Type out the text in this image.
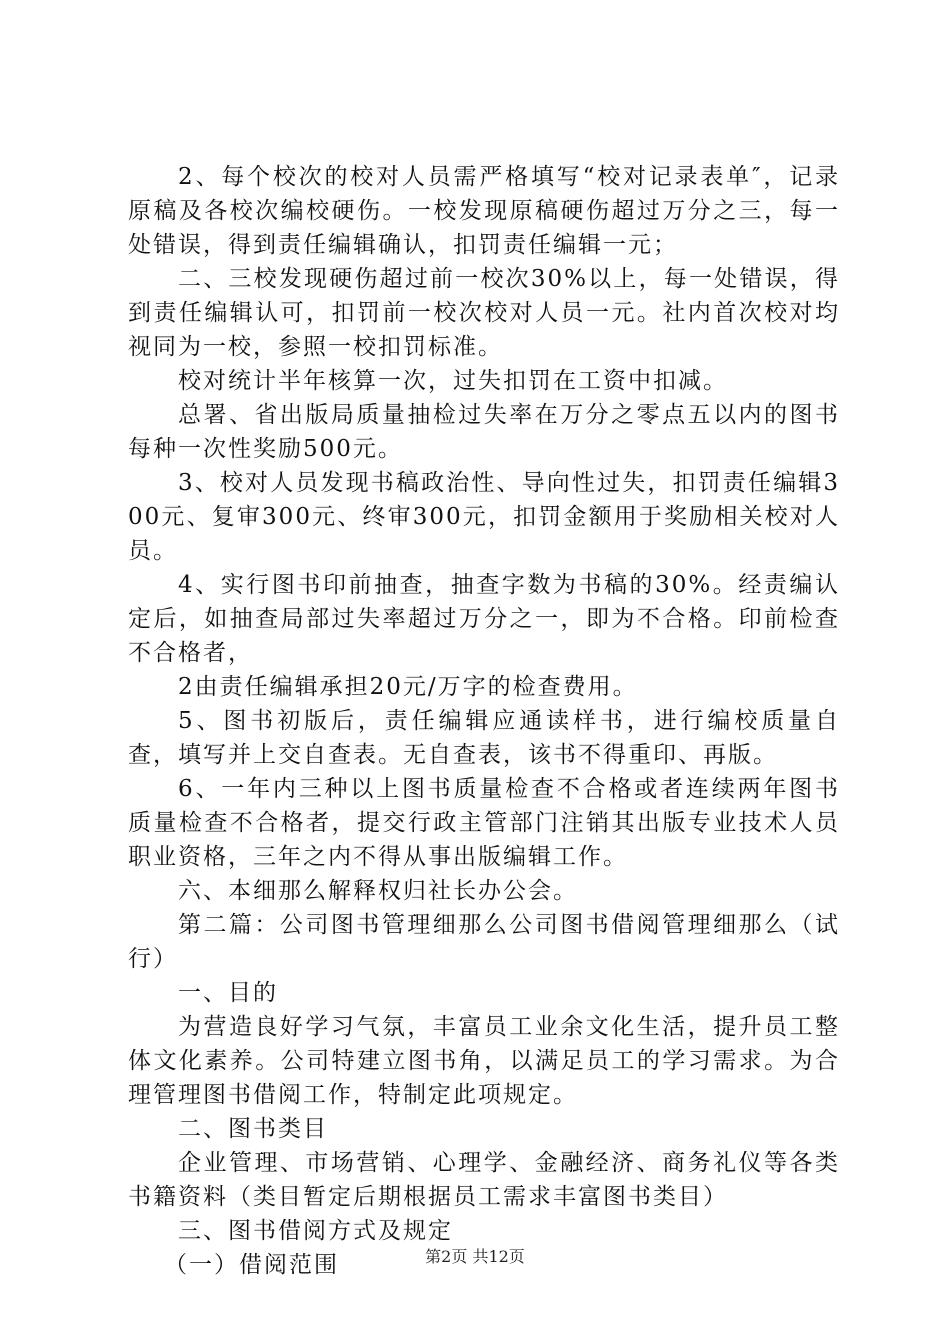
2、每个校次的校对人员需严格填写“校对记录表单″，记录原稿及各校次编校硬伤。一校发现原稿硬伤超过万分之三，每一处错误，得到责任编辑确认，扣罚责任编辑一元；

二、三校发现硬伤超过前一校次30%以上，每一处错误，得到责任编辑认可，扣罚前一校次校对人员一元。社内首次校对均视同为一校，参照一校扣罚标准。

校对统计半年核算一次，过失扣罚在工资中扣减。

总署、省出版局质量抽检过失率在万分之零点五以内的图书每种一次性奖励500元。

3、校对人员发现书稿政治性、导向性过失，扣罚责任编辑300元、复审300元、终审300元，扣罚金额用于奖励相关校对人员。

4、实行图书印前抽查，抽查字数为书稿的30%。经责编认定后，如抽查局部过失率超过万分之一，即为不合格。印前检查不合格者，

2由责任编辑承担20元/万字的检查费用。

5、图书初版后，责任编辑应通读样书，进行编校质量自查，填写并上交自查表。无自查表，该书不得重印、再版。

6、一年内三种以上图书质量检查不合格或者连续两年图书质量检查不合格者，提交行政主管部门注销其出版专业技术人员职业资格，三年之内不得从事出版编辑工作。

六、本细那么解释权归社长办公会。

第二篇：公司图书管理细那么公司图书借阅管理细那么（试行）

一、目的

为营造良好学习气氛，丰富员工业余文化生活，提升员工整体文化素养。公司特建立图书角，以满足员工的学习需求。为合理管理图书借阅工作，特制定此项规定。

二、图书类目

企业管理、市场营销、心理学、金融经济、商务礼仪等各类书籍资料（类目暂定后期根据员工需求丰富图书类目）

三、图书借阅方式及规定

（一）借阅范围	第2页 共12页
